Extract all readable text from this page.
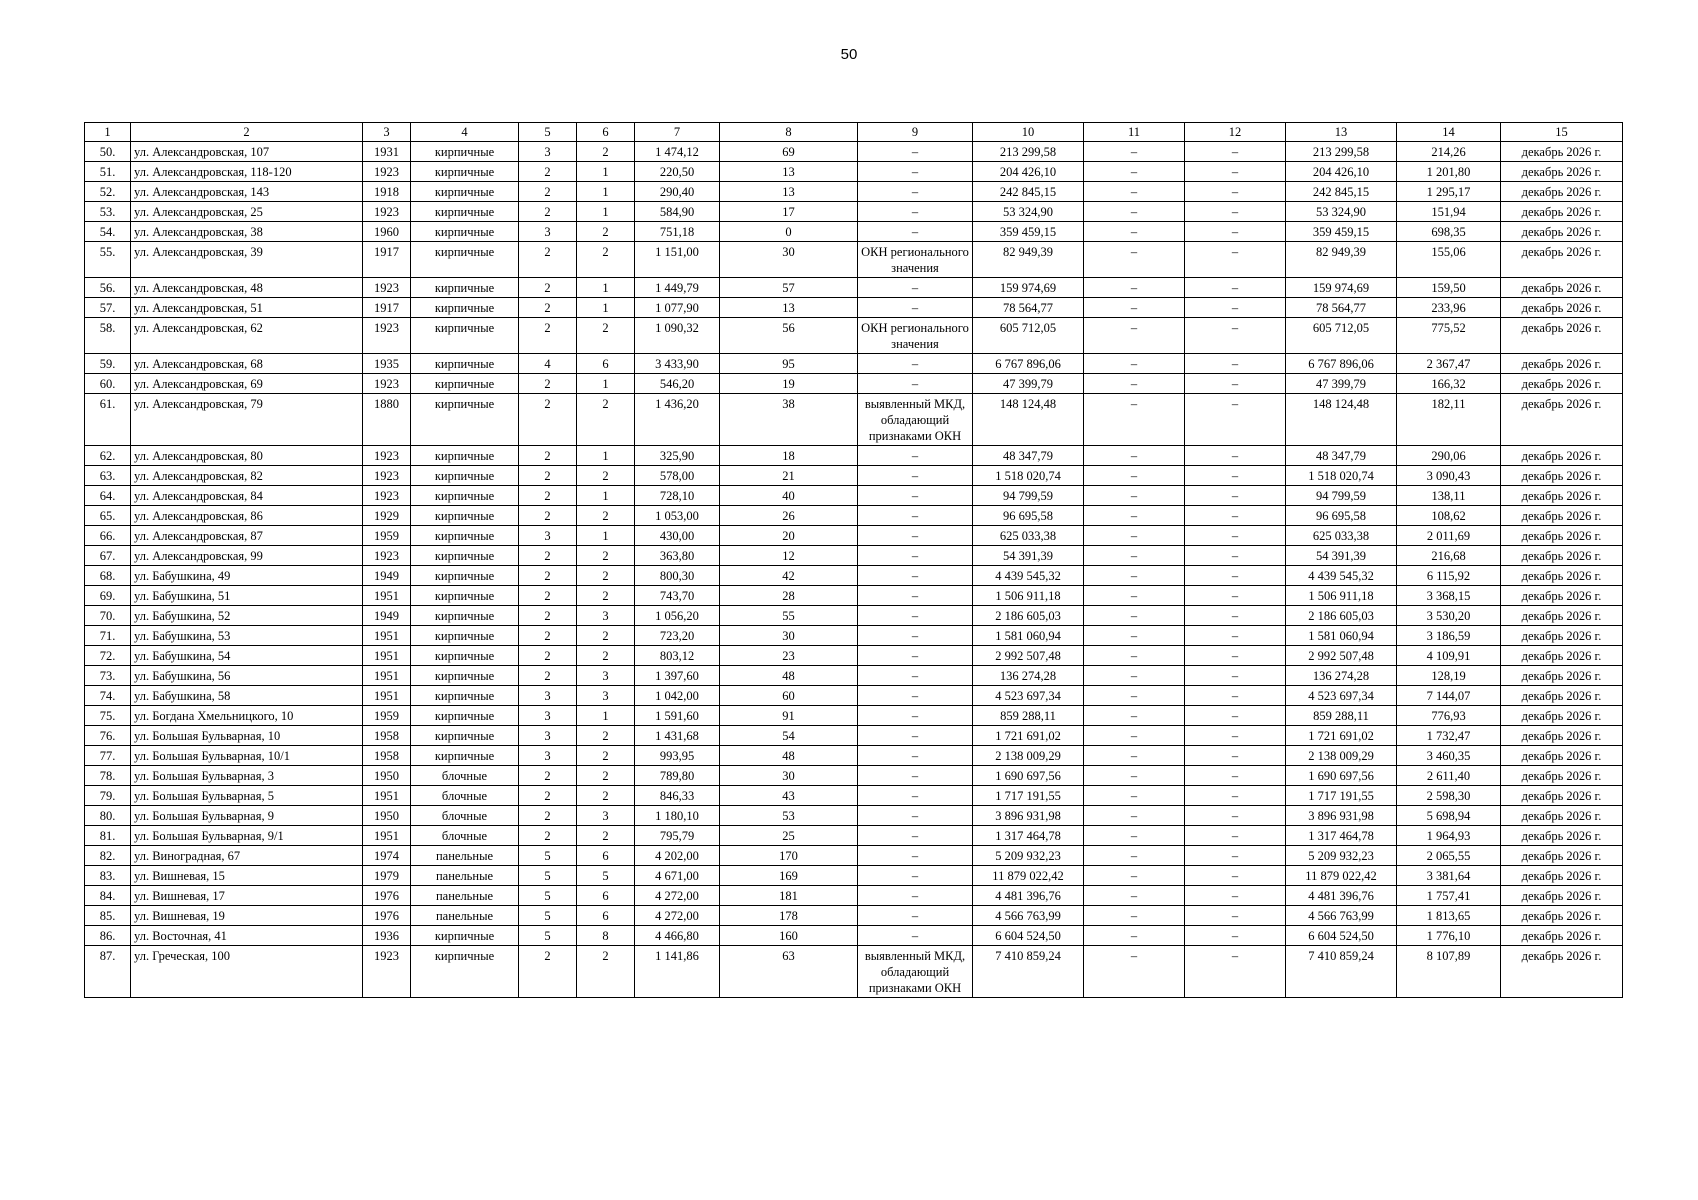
50
1	2	3	4	5	6	7	8	9	10	11	12	13	14	15
50.	ул. Александровская, 107	1931	кирпичные	3	2	1 474,12	69	–	213 299,58	–	–	213 299,58	214,26	декабрь 2026 г.
51.	ул. Александровская, 118-120	1923	кирпичные	2	1	220,50	13	–	204 426,10	–	–	204 426,10	1 201,80	декабрь 2026 г.
52.	ул. Александровская, 143	1918	кирпичные	2	1	290,40	13	–	242 845,15	–	–	242 845,15	1 295,17	декабрь 2026 г.
53.	ул. Александровская, 25	1923	кирпичные	2	1	584,90	17	–	53 324,90	–	–	53 324,90	151,94	декабрь 2026 г.
54.	ул. Александровская, 38	1960	кирпичные	3	2	751,18	0	–	359 459,15	–	–	359 459,15	698,35	декабрь 2026 г.
55.	ул. Александровская, 39	1917	кирпичные	2	2	1 151,00	30	ОКН регионального значения	82 949,39	–	–	82 949,39	155,06	декабрь 2026 г.
56.	ул. Александровская, 48	1923	кирпичные	2	1	1 449,79	57	–	159 974,69	–	–	159 974,69	159,50	декабрь 2026 г.
57.	ул. Александровская, 51	1917	кирпичные	2	1	1 077,90	13	–	78 564,77	–	–	78 564,77	233,96	декабрь 2026 г.
58.	ул. Александровская, 62	1923	кирпичные	2	2	1 090,32	56	ОКН регионального значения	605 712,05	–	–	605 712,05	775,52	декабрь 2026 г.
59.	ул. Александровская, 68	1935	кирпичные	4	6	3 433,90	95	–	6 767 896,06	–	–	6 767 896,06	2 367,47	декабрь 2026 г.
60.	ул. Александровская, 69	1923	кирпичные	2	1	546,20	19	–	47 399,79	–	–	47 399,79	166,32	декабрь 2026 г.
61.	ул. Александровская, 79	1880	кирпичные	2	2	1 436,20	38	выявленный МКД, обладающий признаками ОКН	148 124,48	–	–	148 124,48	182,11	декабрь 2026 г.
62.	ул. Александровская, 80	1923	кирпичные	2	1	325,90	18	–	48 347,79	–	–	48 347,79	290,06	декабрь 2026 г.
63.	ул. Александровская, 82	1923	кирпичные	2	2	578,00	21	–	1 518 020,74	–	–	1 518 020,74	3 090,43	декабрь 2026 г.
64.	ул. Александровская, 84	1923	кирпичные	2	1	728,10	40	–	94 799,59	–	–	94 799,59	138,11	декабрь 2026 г.
65.	ул. Александровская, 86	1929	кирпичные	2	2	1 053,00	26	–	96 695,58	–	–	96 695,58	108,62	декабрь 2026 г.
66.	ул. Александровская, 87	1959	кирпичные	3	1	430,00	20	–	625 033,38	–	–	625 033,38	2 011,69	декабрь 2026 г.
67.	ул. Александровская, 99	1923	кирпичные	2	2	363,80	12	–	54 391,39	–	–	54 391,39	216,68	декабрь 2026 г.
68.	ул. Бабушкина, 49	1949	кирпичные	2	2	800,30	42	–	4 439 545,32	–	–	4 439 545,32	6 115,92	декабрь 2026 г.
69.	ул. Бабушкина, 51	1951	кирпичные	2	2	743,70	28	–	1 506 911,18	–	–	1 506 911,18	3 368,15	декабрь 2026 г.
70.	ул. Бабушкина, 52	1949	кирпичные	2	3	1 056,20	55	–	2 186 605,03	–	–	2 186 605,03	3 530,20	декабрь 2026 г.
71.	ул. Бабушкина, 53	1951	кирпичные	2	2	723,20	30	–	1 581 060,94	–	–	1 581 060,94	3 186,59	декабрь 2026 г.
72.	ул. Бабушкина, 54	1951	кирпичные	2	2	803,12	23	–	2 992 507,48	–	–	2 992 507,48	4 109,91	декабрь 2026 г.
73.	ул. Бабушкина, 56	1951	кирпичные	2	3	1 397,60	48	–	136 274,28	–	–	136 274,28	128,19	декабрь 2026 г.
74.	ул. Бабушкина, 58	1951	кирпичные	3	3	1 042,00	60	–	4 523 697,34	–	–	4 523 697,34	7 144,07	декабрь 2026 г.
75.	ул. Богдана Хмельницкого, 10	1959	кирпичные	3	1	1 591,60	91	–	859 288,11	–	–	859 288,11	776,93	декабрь 2026 г.
76.	ул. Большая Бульварная, 10	1958	кирпичные	3	2	1 431,68	54	–	1 721 691,02	–	–	1 721 691,02	1 732,47	декабрь 2026 г.
77.	ул. Большая Бульварная, 10/1	1958	кирпичные	3	2	993,95	48	–	2 138 009,29	–	–	2 138 009,29	3 460,35	декабрь 2026 г.
78.	ул. Большая Бульварная, 3	1950	блочные	2	2	789,80	30	–	1 690 697,56	–	–	1 690 697,56	2 611,40	декабрь 2026 г.
79.	ул. Большая Бульварная, 5	1951	блочные	2	2	846,33	43	–	1 717 191,55	–	–	1 717 191,55	2 598,30	декабрь 2026 г.
80.	ул. Большая Бульварная, 9	1950	блочные	2	3	1 180,10	53	–	3 896 931,98	–	–	3 896 931,98	5 698,94	декабрь 2026 г.
81.	ул. Большая Бульварная, 9/1	1951	блочные	2	2	795,79	25	–	1 317 464,78	–	–	1 317 464,78	1 964,93	декабрь 2026 г.
82.	ул. Виноградная, 67	1974	панельные	5	6	4 202,00	170	–	5 209 932,23	–	–	5 209 932,23	2 065,55	декабрь 2026 г.
83.	ул. Вишневая, 15	1979	панельные	5	5	4 671,00	169	–	11 879 022,42	–	–	11 879 022,42	3 381,64	декабрь 2026 г.
84.	ул. Вишневая, 17	1976	панельные	5	6	4 272,00	181	–	4 481 396,76	–	–	4 481 396,76	1 757,41	декабрь 2026 г.
85.	ул. Вишневая, 19	1976	панельные	5	6	4 272,00	178	–	4 566 763,99	–	–	4 566 763,99	1 813,65	декабрь 2026 г.
86.	ул. Восточная, 41	1936	кирпичные	5	8	4 466,80	160	–	6 604 524,50	–	–	6 604 524,50	1 776,10	декабрь 2026 г.
87.	ул. Греческая, 100	1923	кирпичные	2	2	1 141,86	63	выявленный МКД, обладающий признаками ОКН	7 410 859,24	–	–	7 410 859,24	8 107,89	декабрь 2026 г.
